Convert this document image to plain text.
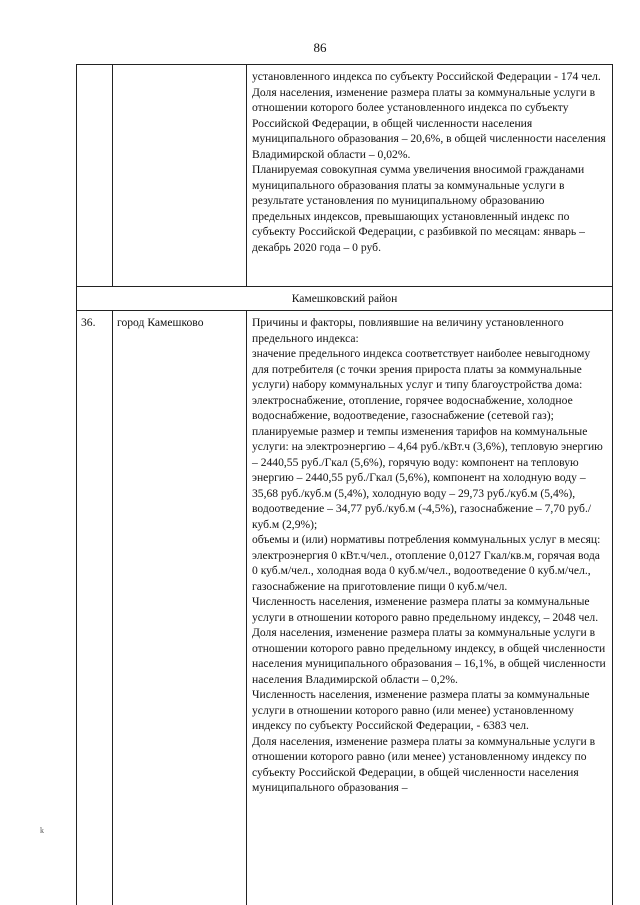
86

установленного индекса по субъекту Российской Федерации - 174 чел.

Доля населения, изменение размера платы за коммунальные услуги в отношении которого более установленного индекса по субъекту Российской Федерации, в общей численности населения муниципального образования – 20,6%, в общей численности населения Владимирской области – 0,02%.

Планируемая совокупная сумма увеличения вносимой гражданами муниципального образования платы за коммунальные услуги в результате установления по муниципальному образованию предельных индексов, превышающих установленный индекс по субъекту Российской Федерации, с разбивкой по месяцам: январь – декабрь 2020 года – 0 руб.

Камешковский район
36. город Камешково	Причины и факторы, повлиявшие на величину установленного предельного индекса:

значение предельного индекса соответствует наиболее невыгодному для потребителя (с точки зрения прироста платы за коммунальные услуги) набору коммунальных услуг и типу благоустройства дома: электроснабжение, отопление, горячее водоснабжение, холодное водоснабжение, водоотведение, газоснабжение (сетевой газ);

планируемые размер и темпы изменения тарифов на коммунальные услуги: на электроэнергию – 4,64 руб./кВт.ч (3,6%), тепловую энергию – 2440,55 руб./Гкал (5,6%), горячую воду: компонент на тепловую энергию – 2440,55 руб./Гкал (5,6%), компонент на холодную воду – 35,68 руб./куб.м (5,4%), холодную воду – 29,73 руб./куб.м (5,4%), водоотведение – 34,77 руб./куб.м (-4,5%), газоснабжение – 7,70 руб./куб.м (2,9%);

объемы и (или) нормативы потребления коммунальных услуг в месяц: электроэнергия 0 кВт.ч/чел., отопление 0,0127 Гкал/кв.м, горячая вода 0 куб.м/чел., холодная вода 0 куб.м/чел., водоотведение 0 куб.м/чел., газоснабжение на приготовление пищи 0 куб.м/чел.

Численность населения, изменение размера платы за коммунальные услуги в отношении которого равно предельному индексу, – 2048 чел.

Доля населения, изменение размера платы за коммунальные услуги в отношении которого равно предельному индексу, в общей численности населения муниципального образования – 16,1%, в общей численности населения Владимирской области – 0,2%.

Численность населения, изменение размера платы за коммунальные услуги в отношении которого равно (или менее) установленному индексу по субъекту Российской Федерации, - 6383 чел.

Доля населения, изменение размера платы за коммунальные услуги в отношении которого равно (или менее) установленному индексу по субъекту Российской Федерации, в общей численности населения муниципального образования –

k
